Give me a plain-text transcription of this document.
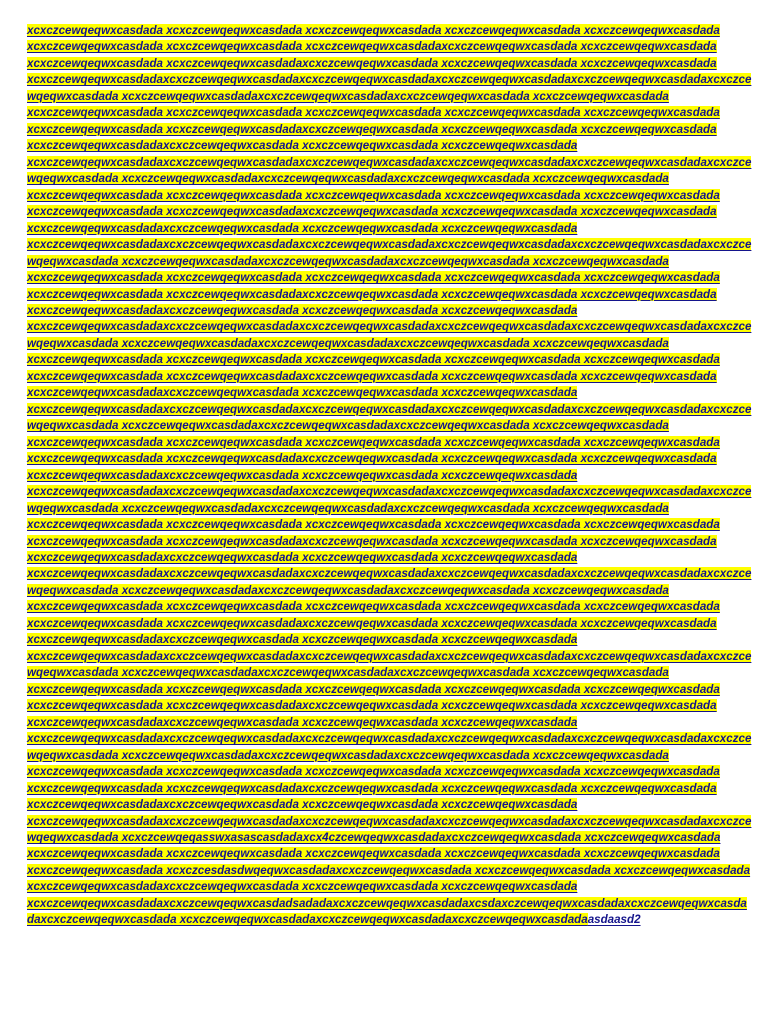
xcxczcewqeqwxcasdada xcxczcewqeqwxcasdada xcxczcewqeqwxcasdada xcxczcewqeqwxcasdada xcxczcewqeqwxcasdada
xcxczcewqeqwxcasdada xcxczcewqeqwxcasdada xcxczcewqeqwxcasdadaxcxczcewqeqwxcasdada xcxczcewqeqwxcasdada
xcxczcewqeqwxcasdada xcxczcewqeqwxcasdadaxcxczcewqeqwxcasdada xcxczcewqeqwxcasdada xcxczcewqeqwxcasdada
xcxczcewqeqwxcasdadaxcxczcewqeqwxcasdadaxcxczcewqeqwxcasdadaxcxczcewqeqwxcasdadaxcxczcewqeqwxcasdadaxcxczce
wqeqwxcasdada xcxczcewqeqwxcasdadaxcxczcewqeqwxcasdadaxcxczcewqeqwxcasdada xcxczcewqeqwxcasdada
xcxczcewqeqwxcasdada xcxczcewqeqwxcasdada xcxczcewqeqwxcasdada xcxczcewqeqwxcasdada xcxczcewqeqwxcasdada
xcxczcewqeqwxcasdada xcxczcewqeqwxcasdadaxcxczcewqeqwxcasdada xcxczcewqeqwxcasdada xcxczcewqeqwxcasdada
xcxczcewqeqwxcasdadaxcxczcewqeqwxcasdada xcxczcewqeqwxcasdada xcxczcewqeqwxcasdada
xcxczcewqeqwxcasdadaxcxczcewqeqwxcasdadaxcxczcewqeqwxcasdadaxcxczcewqeqwxcasdadaxcxczcewqeqwxcasdadaxcxczce
wqeqwxcasdada xcxczcewqeqwxcasdadaxcxczcewqeqwxcasdadaxcxczcewqeqwxcasdada xcxczcewqeqwxcasdada
xcxczcewqeqwxcasdada xcxczcewqeqwxcasdada xcxczcewqeqwxcasdada xcxczcewqeqwxcasdada xcxczcewqeqwxcasdada
xcxczcewqeqwxcasdada xcxczcewqeqwxcasdadaxcxczcewqeqwxcasdada xcxczcewqeqwxcasdada xcxczcewqeqwxcasdada
xcxczcewqeqwxcasdadaxcxczcewqeqwxcasdada xcxczcewqeqwxcasdada xcxczcewqeqwxcasdada
xcxczcewqeqwxcasdadaxcxczcewqeqwxcasdadaxcxczcewqeqwxcasdadaxcxczcewqeqwxcasdadaxcxczcewqeqwxcasdadaxcxczce
wqeqwxcasdada xcxczcewqeqwxcasdadaxcxczcewqeqwxcasdadaxcxczcewqeqwxcasdada xcxczcewqeqwxcasdada
xcxczcewqeqwxcasdada xcxczcewqeqwxcasdada xcxczcewqeqwxcasdada xcxczcewqeqwxcasdada xcxczcewqeqwxcasdada
xcxczcewqeqwxcasdada xcxczcewqeqwxcasdadaxcxczcewqeqwxcasdada xcxczcewqeqwxcasdada xcxczcewqeqwxcasdada
xcxczcewqeqwxcasdadaxcxczcewqeqwxcasdada xcxczcewqeqwxcasdada xcxczcewqeqwxcasdada
xcxczcewqeqwxcasdadaxcxczcewqeqwxcasdadaxcxczcewqeqwxcasdadaxcxczcewqeqwxcasdadaxcxczcewqeqwxcasdadaxcxczce
wqeqwxcasdada xcxczcewqeqwxcasdadaxcxczcewqeqwxcasdadaxcxczcewqeqwxcasdada xcxczcewqeqwxcasdada
xcxczcewqeqwxcasdada xcxczcewqeqwxcasdada xcxczcewqeqwxcasdada xcxczcewqeqwxcasdada xcxczcewqeqwxcasdada
xcxczcewqeqwxcasdada xcxczcewqeqwxcasdadaxcxczcewqeqwxcasdada xcxczcewqeqwxcasdada xcxczcewqeqwxcasdada
xcxczcewqeqwxcasdadaxcxczcewqeqwxcasdada xcxczcewqeqwxcasdada xcxczcewqeqwxcasdada
xcxczcewqeqwxcasdadaxcxczcewqeqwxcasdadaxcxczcewqeqwxcasdadaxcxczcewqeqwxcasdadaxcxczcewqeqwxcasdadaxcxczce
wqeqwxcasdada xcxczcewqeqwxcasdadaxcxczcewqeqwxcasdadaxcxczcewqeqwxcasdada xcxczcewqeqwxcasdada
xcxczcewqeqwxcasdada xcxczcewqeqwxcasdada xcxczcewqeqwxcasdada xcxczcewqeqwxcasdada xcxczcewqeqwxcasdada
xcxczcewqeqwxcasdada xcxczcewqeqwxcasdadaxcxczcewqeqwxcasdada xcxczcewqeqwxcasdada xcxczcewqeqwxcasdada
xcxczcewqeqwxcasdadaxcxczcewqeqwxcasdada xcxczcewqeqwxcasdada xcxczcewqeqwxcasdada
xcxczcewqeqwxcasdadaxcxczcewqeqwxcasdadaxcxczcewqeqwxcasdadaxcxczcewqeqwxcasdadaxcxczcewqeqwxcasdadaxcxczce
wqeqwxcasdada xcxczcewqeqwxcasdadaxcxczcewqeqwxcasdadaxcxczcewqeqwxcasdada xcxczcewqeqwxcasdada
xcxczcewqeqwxcasdada xcxczcewqeqwxcasdada xcxczcewqeqwxcasdada xcxczcewqeqwxcasdada xcxczcewqeqwxcasdada
xcxczcewqeqwxcasdada xcxczcewqeqwxcasdadaxcxczcewqeqwxcasdada xcxczcewqeqwxcasdada xcxczcewqeqwxcasdada
xcxczcewqeqwxcasdadaxcxczcewqeqwxcasdada xcxczcewqeqwxcasdada xcxczcewqeqwxcasdada
xcxczcewqeqwxcasdadaxcxczcewqeqwxcasdadaxcxczcewqeqwxcasdadaxcxczcewqeqwxcasdadaxcxczcewqeqwxcasdadaxcxczce
wqeqwxcasdada xcxczcewqeqwxcasdadaxcxczcewqeqwxcasdadaxcxczcewqeqwxcasdada xcxczcewqeqwxcasdada
xcxczcewqeqwxcasdada xcxczcewqeqwxcasdada xcxczcewqeqwxcasdada xcxczcewqeqwxcasdada xcxczcewqeqwxcasdada
xcxczcewqeqwxcasdada xcxczcewqeqwxcasdadaxcxczcewqeqwxcasdada xcxczcewqeqwxcasdada xcxczcewqeqwxcasdada
xcxczcewqeqwxcasdadaxcxczcewqeqwxcasdada xcxczcewqeqwxcasdada xcxczcewqeqwxcasdada
xcxczcewqeqwxcasdadaxcxczcewqeqwxcasdadaxcxczcewqeqwxcasdadaxcxczcewqeqwxcasdadaxcxczcewqeqwxcasdadaxcxczce
wqeqwxcasdada xcxczcewqeqwxcasdadaxcxczcewqeqwxcasdadaxcxczcewqeqwxcasdada xcxczcewqeqwxcasdada
xcxczcewqeqwxcasdada xcxczcewqeqwxcasdada xcxczcewqeqwxcasdada xcxczcewqeqwxcasdada xcxczcewqeqwxcasdada
xcxczcewqeqwxcasdada xcxczcewqeqwxcasdadaxcxczcewqeqwxcasdada xcxczcewqeqwxcasdada xcxczcewqeqwxcasdada
xcxczcewqeqwxcasdadaxcxczcewqeqwxcasdada xcxczcewqeqwxcasdada xcxczcewqeqwxcasdada
xcxczcewqeqwxcasdadaxcxczcewqeqwxcasdadaxcxczcewqeqwxcasdadaxcxczcewqeqwxcasdadaxcxczcewqeqwxcasdadaxcxczce
wqeqwxcasdada xcxczcewqeqwxcasdadaxcxczcewqeqwxcasdadaxcxczcewqeqwxcasdada xcxczcewqeqwxcasdada
xcxczcewqeqwxcasdada xcxczcewqeqwxcasdada xcxczcewqeqwxcasdada xcxczcewqeqwxcasdada xcxczcewqeqwxcasdada
xcxczcewqeqwxcasdada xcxczcewqeqwxcasdadaxcxczcewqeqwxcasdada xcxczcewqeqwxcasdada xcxczcewqeqwxcasdada
xcxczcewqeqwxcasdadaxcxczcewqeqwxcasdada xcxczcewqeqwxcasdada xcxczcewqeqwxcasdada
xcxczcewqeqwxcasdadaxcxczcewqeqwxcasdadaxcxczcewqeqwxcasdadaxcxczcewqeqwxcasdadaxcxczcewqeqwxcasdadaxcxczce
wqeqwxcasdada xcxczcewqeqasswxasascasdadaxcx4czcewqeqwxcasdadaxcxczcewqeqwxcasdada xcxczcewqeqwxcasdada
xcxczcewqeqwxcasdada xcxczcewqeqwxcasdada xcxczcewqeqwxcasdada xcxczcewqeqwxcasdada xcxczcewqeqwxcasdada
xcxczcewqeqwxcasdada xcxczcesdasdwqeqwxcasdadaxcxczcewqeqwxcasdada xcxczcewqeqwxcasdada xcxczcewqeqwxcasdada
xcxczcewqeqwxcasdadaxcxczcewqeqwxcasdada xcxczcewqeqwxcasdada xcxczcewqeqwxcasdada
xcxczcewqeqwxcasdadaxcxczcewqeqwxcasdadsadadaxcxczcewqeqwxcasdadaxcsdaxczcewqeqwxcasdadaxcxczcewqeqwxcasda
daxcxczcewqeqwxcasdada xcxczcewqeqwxcasdadaxcxczcewqeqwxcasdadaxcxczcewqeqwxcasdadaasdaasd2
